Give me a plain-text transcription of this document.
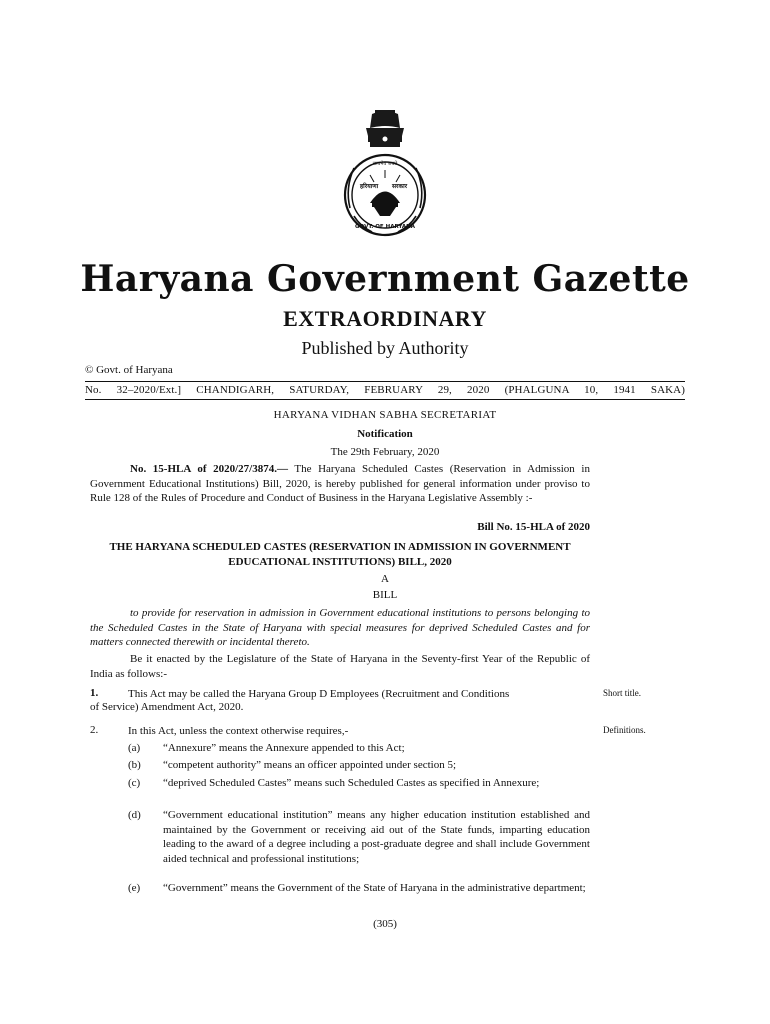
सत्यमेव जयते
हरियाणा सरकार
GOVT. OF HARYANA
Haryana Government Gazette
EXTRAORDINARY
Published by Authority
© Govt. of Haryana
No. 32–2020/Ext.] CHANDIGARH, SATURDAY, FEBRUARY 29, 2020 (PHALGUNA 10, 1941 SAKA)
HARYANA VIDHAN SABHA SECRETARIAT
Notification
The 29th February, 2020
No. 15-HLA of 2020/27/3874.— The Haryana Scheduled Castes (Reservation in Admission in Government Educational Institutions) Bill, 2020, is hereby published for general information under proviso to Rule 128 of the Rules of Procedure and Conduct of Business in the Haryana Legislative Assembly :-
Bill No. 15-HLA of 2020
THE HARYANA SCHEDULED CASTES (RESERVATION IN ADMISSION IN GOVERNMENT EDUCATIONAL INSTITUTIONS) BILL, 2020
A
BILL
to provide for reservation in admission in Government educational institutions to persons belonging to the Scheduled Castes in the State of Haryana with special measures for deprived Scheduled Castes and for matters connected therewith or incidental thereto.
Be it enacted by the Legislature of the State of Haryana in the Seventy-first Year of the Republic of India as follows:-
1.	This Act may be called the Haryana Group D Employees (Recruitment and Conditions
of Service) Amendment Act, 2020.
Short title.
2.	In this Act, unless the context otherwise requires,-	Definitions.
(a)	“Annexure” means the Annexure appended to this Act;
(b)	“competent authority” means an officer appointed under section 5;
(c)	“deprived Scheduled Castes” means such Scheduled Castes as specified in Annexure;
(d)	“Government educational institution” means any higher education institution established and maintained by the Government or receiving aid out of the State funds, imparting education leading to the award of a degree including a post-graduate degree and shall include Government aided technical and professional institutions;
(e)	“Government” means the Government of the State of Haryana in the administrative department;
(305)
